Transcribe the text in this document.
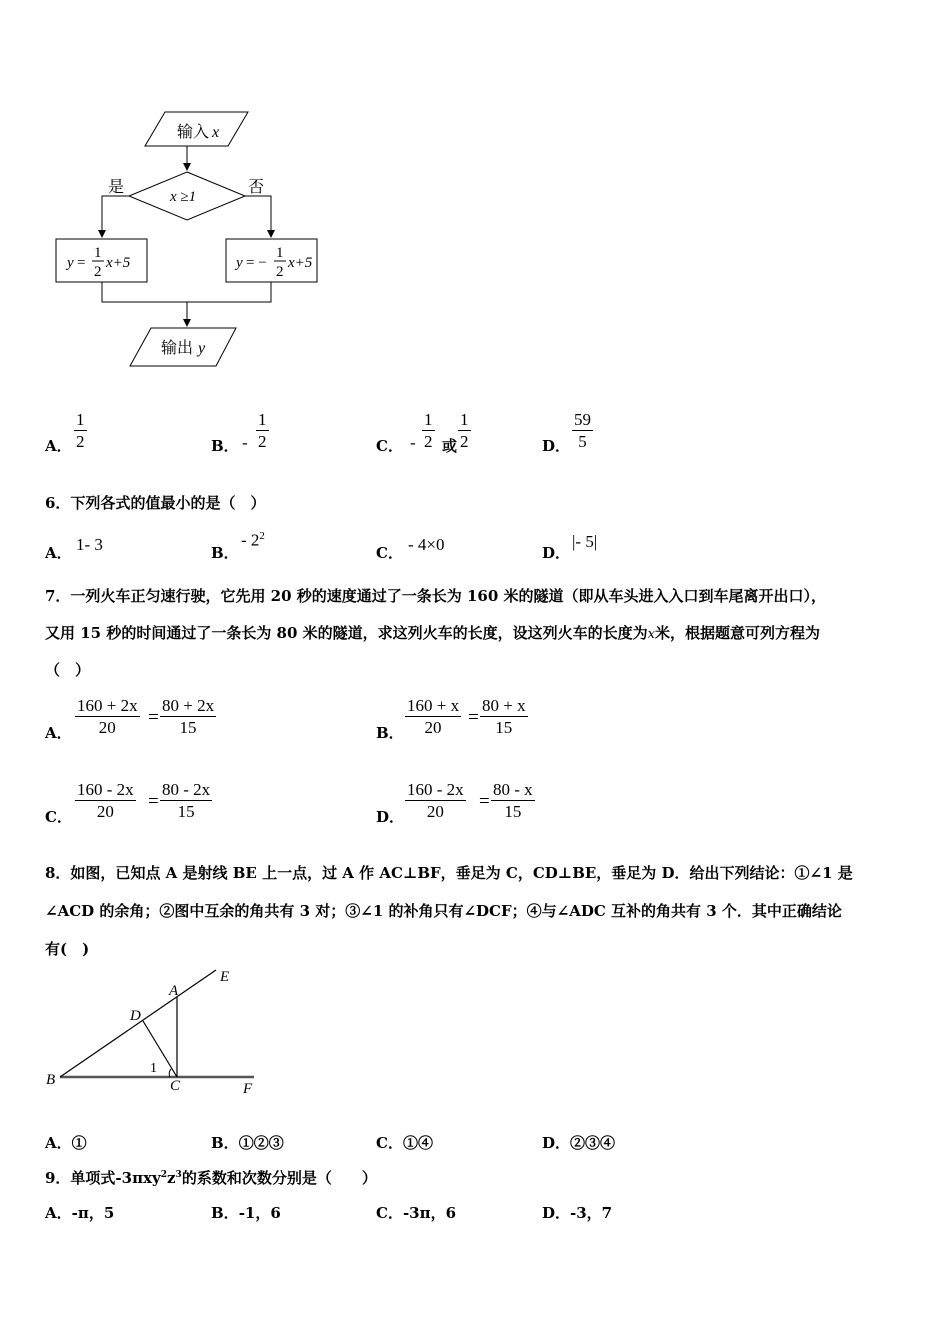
输入 x
x ≥1
是	否
y =
1
2
x+5	y = −
1
2
x+5
输出 y
A．
1
2	B． -
1
2	C． -
1
2 或
1
2	D．
59
5
6．下列各式的值最小的是（　）
A． 1- 3	B．
- $2^2$
C． - 4×0	D．
|- 5|
7．一列火车正匀速行驶，它先用 20 秒的速度通过了一条长为 160 米的隧道（即从车头进入入口到车尾离开出口），
又用 15 秒的时间通过了一条长为 80 米的隧道，求这列火车的长度，设这列火车的长度为x米，根据题意可列方程为
（　）
A．
160 + 2x
20 =
80 + 2x
15	B．
160 + x
20 =
80 + x
15
C．
160 - 2x
20 =
80 - 2x
15	D．
160 - 2x
20 =
80 - x
15
8．如图，已知点 A 是射线 BE 上一点，过 A 作 AC⊥BF，垂足为 C，CD⊥BE，垂足为 D．给出下列结论：①∠1 是
∠ACD 的余角；②图中互余的角共有 3 对；③∠1 的补角只有∠DCF；④与∠ADC 互补的角共有 3 个．其中正确结论
有(　)
B
A
D
E
C	F
1
A．①	B．①②③	C．①④	D．②③④
9．单项式$-3\pi xy^2z^3$的系数和次数分别是（　　）
A．-π，5	B．-1，6	C．-3π，6	D．-3，7
